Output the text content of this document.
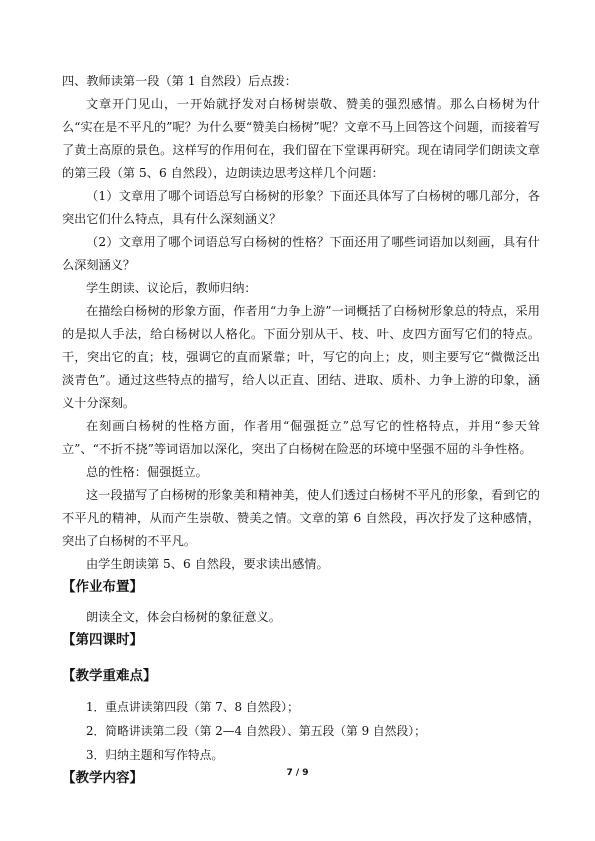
四、教师读第一段（第 1 自然段）后点拨：

文章开门见山，一开始就抒发对白杨树崇敬、赞美的强烈感情。那么白杨树为什么“实在是不平凡的”呢？为什么要“赞美白杨树”呢？文章不马上回答这个问题，而接着写了黄土高原的景色。这样写的作用何在，我们留在下堂课再研究。现在请同学们朗读文章的第三段（第 5、6 自然段），边朗读边思考这样几个问题：

（1）文章用了哪个词语总写白杨树的形象？下面还具体写了白杨树的哪几部分，各突出它们什么特点，具有什么深刻涵义？

（2）文章用了哪个词语总写白杨树的性格？下面还用了哪些词语加以刻画，具有什么深刻涵义？

学生朗读、议论后，教师归纳：

在描绘白杨树的形象方面，作者用“力争上游”一词概括了白杨树形象总的特点，采用的是拟人手法，给白杨树以人格化。下面分别从干、枝、叶、皮四方面写它们的特点。干，突出它的直；枝，强调它的直而紧靠；叶，写它的向上；皮，则主要写它“微微泛出淡青色”。通过这些特点的描写，给人以正直、团结、进取、质朴、力争上游的印象，涵义十分深刻。

在刻画白杨树的性格方面，作者用“倔强挺立”总写它的性格特点，并用“参天耸立”、“不折不挠”等词语加以深化，突出了白杨树在险恶的环境中坚强不屈的斗争性格。

总的性格：倔强挺立。

这一段描写了白杨树的形象美和精神美，使人们透过白杨树不平凡的形象，看到它的不平凡的精神，从而产生崇敬、赞美之情。文章的第 6 自然段，再次抒发了这种感情，突出了白杨树的不平凡。

由学生朗读第 5、6 自然段，要求读出感情。

【作业布置】

朗读全文，体会白杨树的象征意义。

【第四课时】

【教学重难点】

1．重点讲读第四段（第 7、8 自然段）；

2．简略讲读第二段（第 2—4 自然段）、第五段（第 9 自然段）；

3．归纳主题和写作特点。

【教学内容】	7 / 9
